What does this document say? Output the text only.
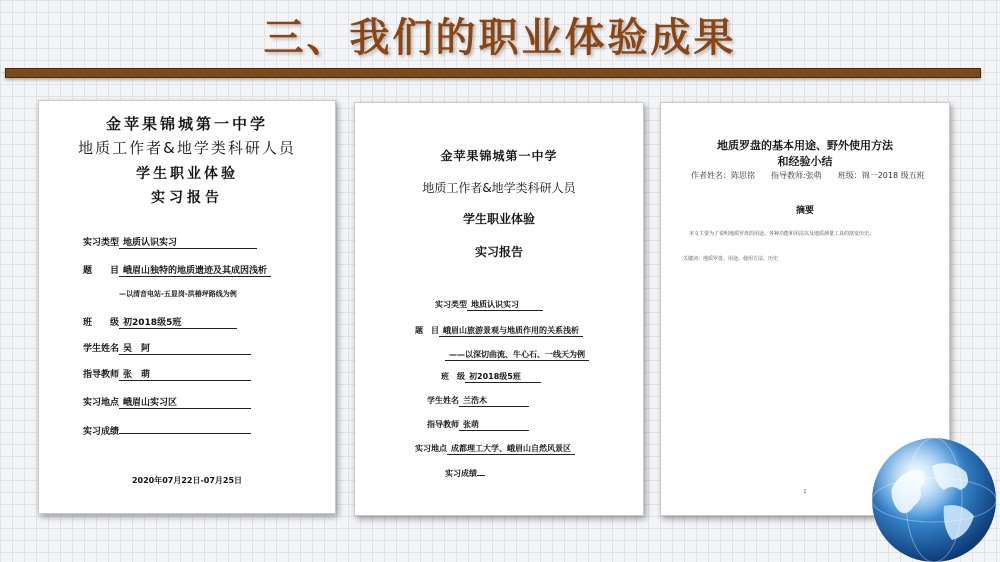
三、我们的职业体验成果
金苹果锦城第一中学
地质工作者&地学类科研人员
学生职业体验
实习报告
实习类型 地质认识实习
题　　目 峨眉山独特的地质遗迹及其成因浅析
—以清音电站-五显岗-洪椿坪路线为例
班　　级 初2018级5班
学生姓名 吴　阿
指导教师 张　萌
实习地点 峨眉山实习区
实习成绩
2020年07月22日-07月25日
金苹果锦城第一中学
地质工作者&地学类科研人员
学生职业体验
实习报告
实习类型 地质认识实习
题　目 峨眉山旅游景观与地质作用的关系浅析
——以深切曲流、牛心石、一线天为例
班　级 初2018级5班
学生姓名 兰浩木
指导教师 张萌
实习地点 成都理工大学、峨眉山自然风景区
实习成绩
地质罗盘的基本用途、野外使用方法
和经验小结
作者姓名：陈思铭　　指导教师:张萌　　班级：锦一2018 级五班
摘要
本文主要为了说明地质罗盘的用途、各种功能和用法以及地质测量工具的演变历史。
关键词：地质罗盘、用途、使用方法、历史
1
